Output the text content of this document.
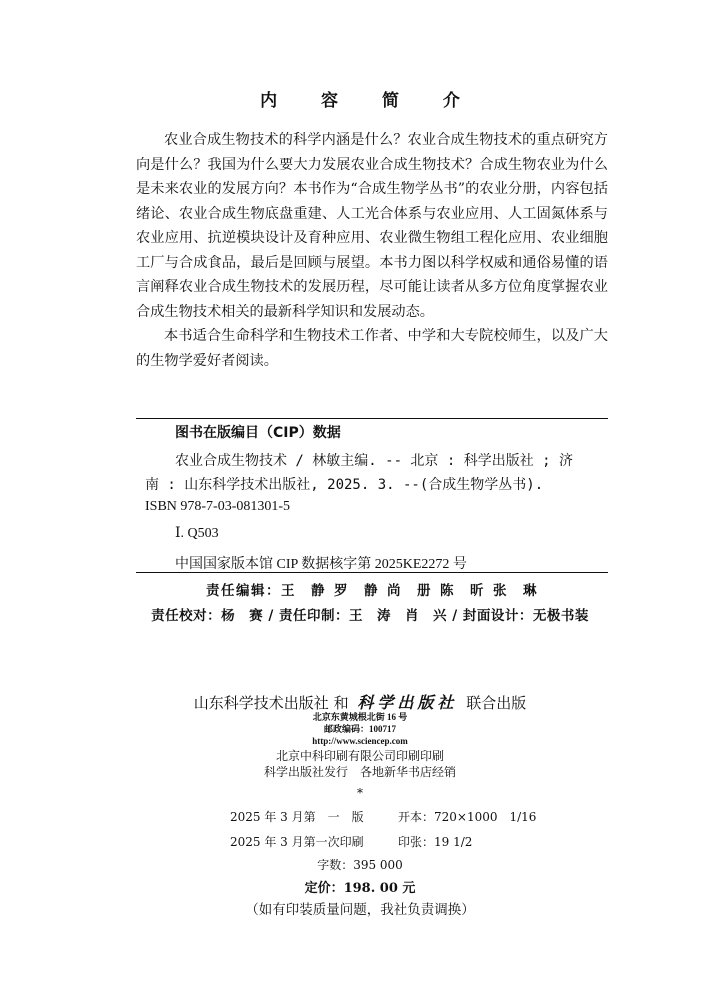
内 容 简 介

农业合成生物技术的科学内涵是什么？农业合成生物技术的重点研究方向是什么？我国为什么要大力发展农业合成生物技术？合成生物农业为什么是未来农业的发展方向？本书作为“合成生物学丛书”的农业分册，内容包括绪论、农业合成生物底盘重建、人工光合体系与农业应用、人工固氮体系与农业应用、抗逆模块设计及育种应用、农业微生物组工程化应用、农业细胞工厂与合成食品，最后是回顾与展望。本书力图以科学权威和通俗易懂的语言阐释农业合成生物技术的发展历程，尽可能让读者从多方位角度掌握农业合成生物技术相关的最新科学知识和发展动态。

本书适合生命科学和生物技术工作者、中学和大专院校师生，以及广大的生物学爱好者阅读。

图书在版编目（CIP）数据
农业合成生物技术 / 林敏主编. -- 北京 : 科学出版社 ; 济
南 : 山东科学技术出版社, 2025. 3. --(合成生物学丛书).
ISBN 978-7-03-081301-5
Ⅰ. Q503
中国国家版本馆 CIP 数据核字第 2025KE2272 号
责任编辑：王　静 罗　静 尚　册 陈　昕 张　琳
责任校对：杨　赛 / 责任印制：王　涛　肖　兴 / 封面设计：无极书装
山东科学技术出版社 和 科学出版社 联合出版
北京东黄城根北街 16 号
邮政编码：100717
http://www.sciencep.com
北京中科印刷有限公司印刷印刷
科学出版社发行　各地新华书店经销
*
2025 年 3 月第　一　版	开本：720×1000　1/16
2025 年 3 月第一次印刷	印张：19 1/2
字数：395 000
定价：198. 00 元
（如有印装质量问题，我社负责调换）
